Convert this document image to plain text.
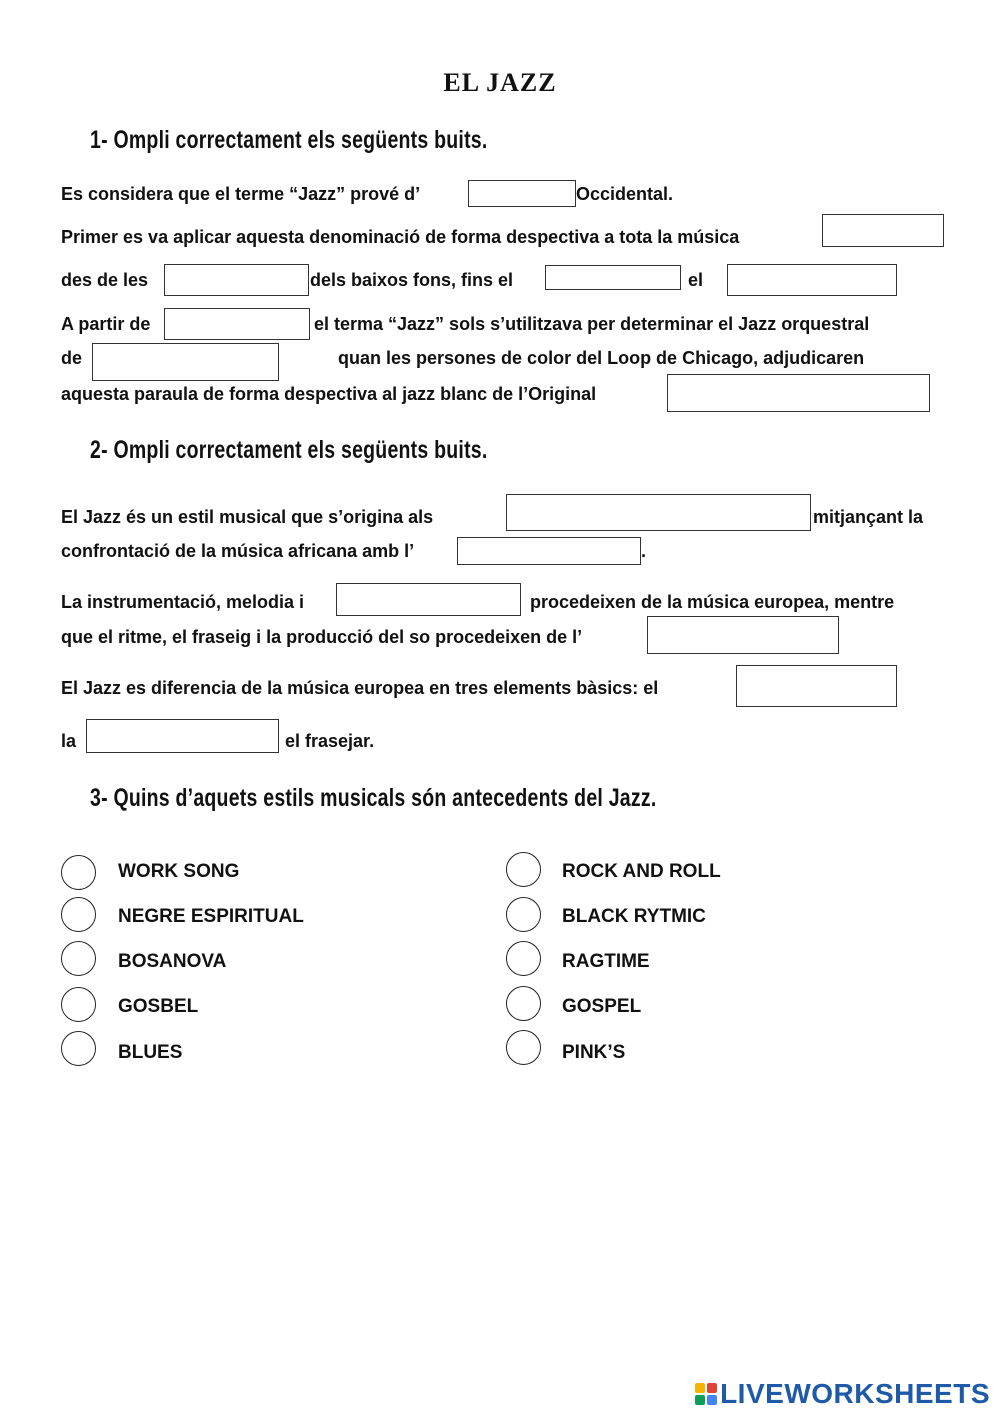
EL JAZZ
1- Ompli correctament els següents buits.
Es considera que el terme “Jazz” prové d’	Occidental.
Primer es va aplicar aquesta denominació de forma despectiva a tota la música
des de les	dels baixos fons, fins el	el
A partir de	el terma “Jazz” sols s’utilitzava per determinar el Jazz orquestral
de	quan les persones de color del Loop de Chicago, adjudicaren
aquesta paraula de forma despectiva al jazz blanc de l’Original
2- Ompli correctament els següents buits.
El Jazz és un estil musical que s’origina als	mitjançant la
confrontació de la música africana amb l’	.
La instrumentació, melodia i	procedeixen de la música europea, mentre
que el ritme, el fraseig i la producció del so procedeixen de l’
El Jazz es diferencia de la música europea en tres elements bàsics: el
la	el frasejar.
3- Quins d’aquets estils musicals són antecedents del Jazz.
WORK SONG
NEGRE ESPIRITUAL
BOSANOVA
GOSBEL
BLUES
ROCK AND ROLL
BLACK RYTMIC
RAGTIME
GOSPEL
PINK’S
LIVEWORKSHEETS
